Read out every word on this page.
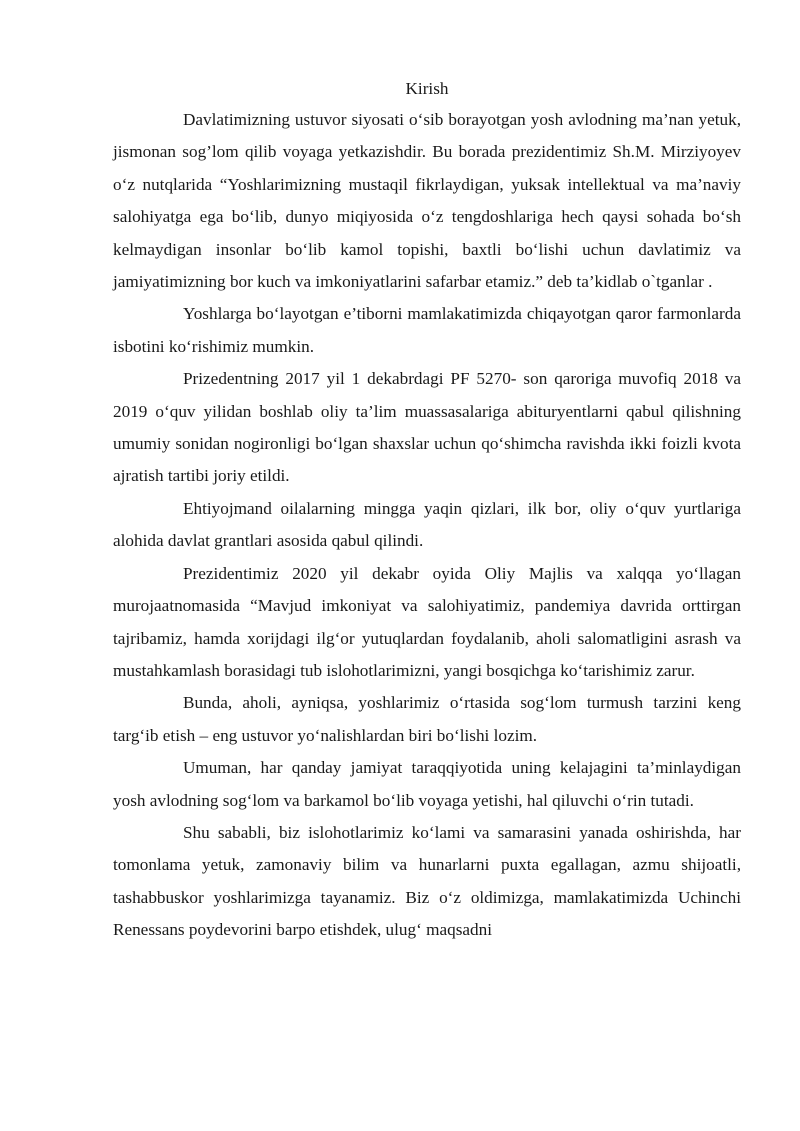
Kirish

Davlatimizning ustuvor siyosati o‘sib borayotgan yosh avlodning ma’nan yetuk, jismonan sog’lom qilib voyaga yetkazishdir. Bu borada prezidentimiz Sh.M. Mirziyoyev o‘z nutqlarida “Yoshlarimizning mustaqil fikrlaydigan, yuksak intellektual va ma’naviy salohiyatga ega bo‘lib, dunyo miqiyosida o‘z tengdoshlariga hech qaysi sohada bo‘sh kelmaydigan insonlar bo‘lib kamol topishi, baxtli bo‘lishi uchun davlatimiz va jamiyatimizning bor kuch va imkoniyatlarini safarbar etamiz.” deb ta’kidlab o`tganlar .

Yoshlarga bo‘layotgan e’tiborni mamlakatimizda chiqayotgan qaror farmonlarda isbotini ko‘rishimiz mumkin.

Prizedentning 2017 yil 1 dekabrdagi PF 5270- son qaroriga muvofiq 2018 va 2019 o‘quv yilidan boshlab oliy ta’lim muassasalariga abituryentlarni qabul qilishning umumiy sonidan nogironligi bo‘lgan shaxslar uchun qo‘shimcha ravishda ikki foizli kvota ajratish tartibi joriy etildi.

Ehtiyojmand oilalarning mingga yaqin qizlari, ilk bor, oliy o‘quv yurtlariga alohida davlat grantlari asosida qabul qilindi.

Prezidentimiz 2020 yil dekabr oyida Oliy Majlis va xalqqa yo‘llagan murojaatnomasida “Mavjud imkoniyat va salohiyatimiz, pandemiya davrida orttirgan tajribamiz, hamda xorijdagi ilg‘or yutuqlardan foydalanib, aholi salomatligini asrash va mustahkamlash borasidagi tub islohotlarimizni, yangi bosqichga ko‘tarishimiz zarur.

Bunda, aholi, ayniqsa, yoshlarimiz o‘rtasida sog‘lom turmush tarzini keng targ‘ib etish – eng ustuvor yo‘nalishlardan biri bo‘lishi lozim.

Umuman, har qanday jamiyat taraqqiyotida uning kelajagini ta’minlaydigan yosh avlodning sog‘lom va barkamol bo‘lib voyaga yetishi, hal qiluvchi o‘rin tutadi.

Shu sababli, biz islohotlarimiz ko‘lami va samarasini yanada oshirishda, har tomonlama yetuk, zamonaviy bilim va hunarlarni puxta egallagan, azmu shijoatli, tashabbuskor yoshlarimizga tayanamiz. Biz o‘z oldimizga, mamlakatimizda Uchinchi Renessans poydevorini barpo etishdek, ulug‘ maqsadni
